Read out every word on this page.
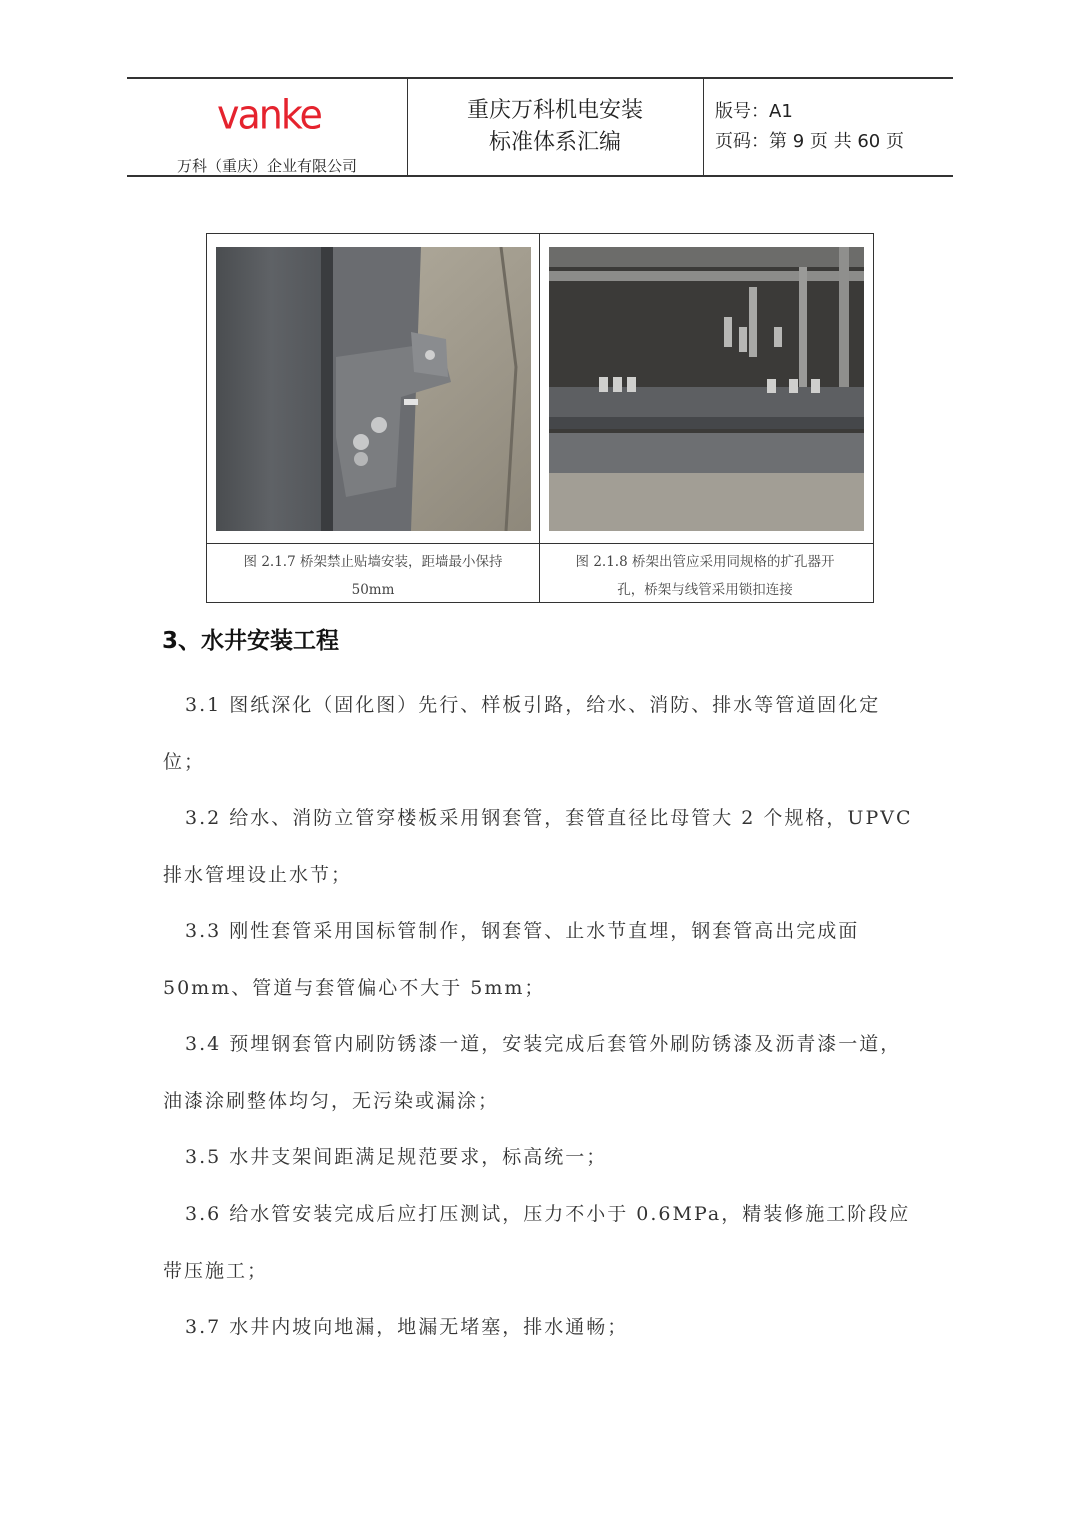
vanke
万科（重庆）企业有限公司
重庆万科机电安装
标准体系汇编
版号：A1
页码：第 9 页 共 60 页
图 2.1.7 桥架禁止贴墙安装，距墙最小保持
50mm
图 2.1.8 桥架出管应采用同规格的扩孔器开
孔，桥架与线管采用锁扣连接
3、水井安装工程
3.1 图纸深化（固化图）先行、样板引路，给水、消防、排水等管道固化定
位；
3.2 给水、消防立管穿楼板采用钢套管，套管直径比母管大 2 个规格，UPVC
排水管埋设止水节；
3.3 刚性套管采用国标管制作，钢套管、止水节直埋，钢套管高出完成面
50mm、管道与套管偏心不大于 5mm；
3.4 预埋钢套管内刷防锈漆一道，安装完成后套管外刷防锈漆及沥青漆一道，
油漆涂刷整体均匀，无污染或漏涂；
3.5 水井支架间距满足规范要求，标高统一；
3.6 给水管安装完成后应打压测试，压力不小于 0.6MPa，精装修施工阶段应
带压施工；
3.7 水井内坡向地漏，地漏无堵塞，排水通畅；
